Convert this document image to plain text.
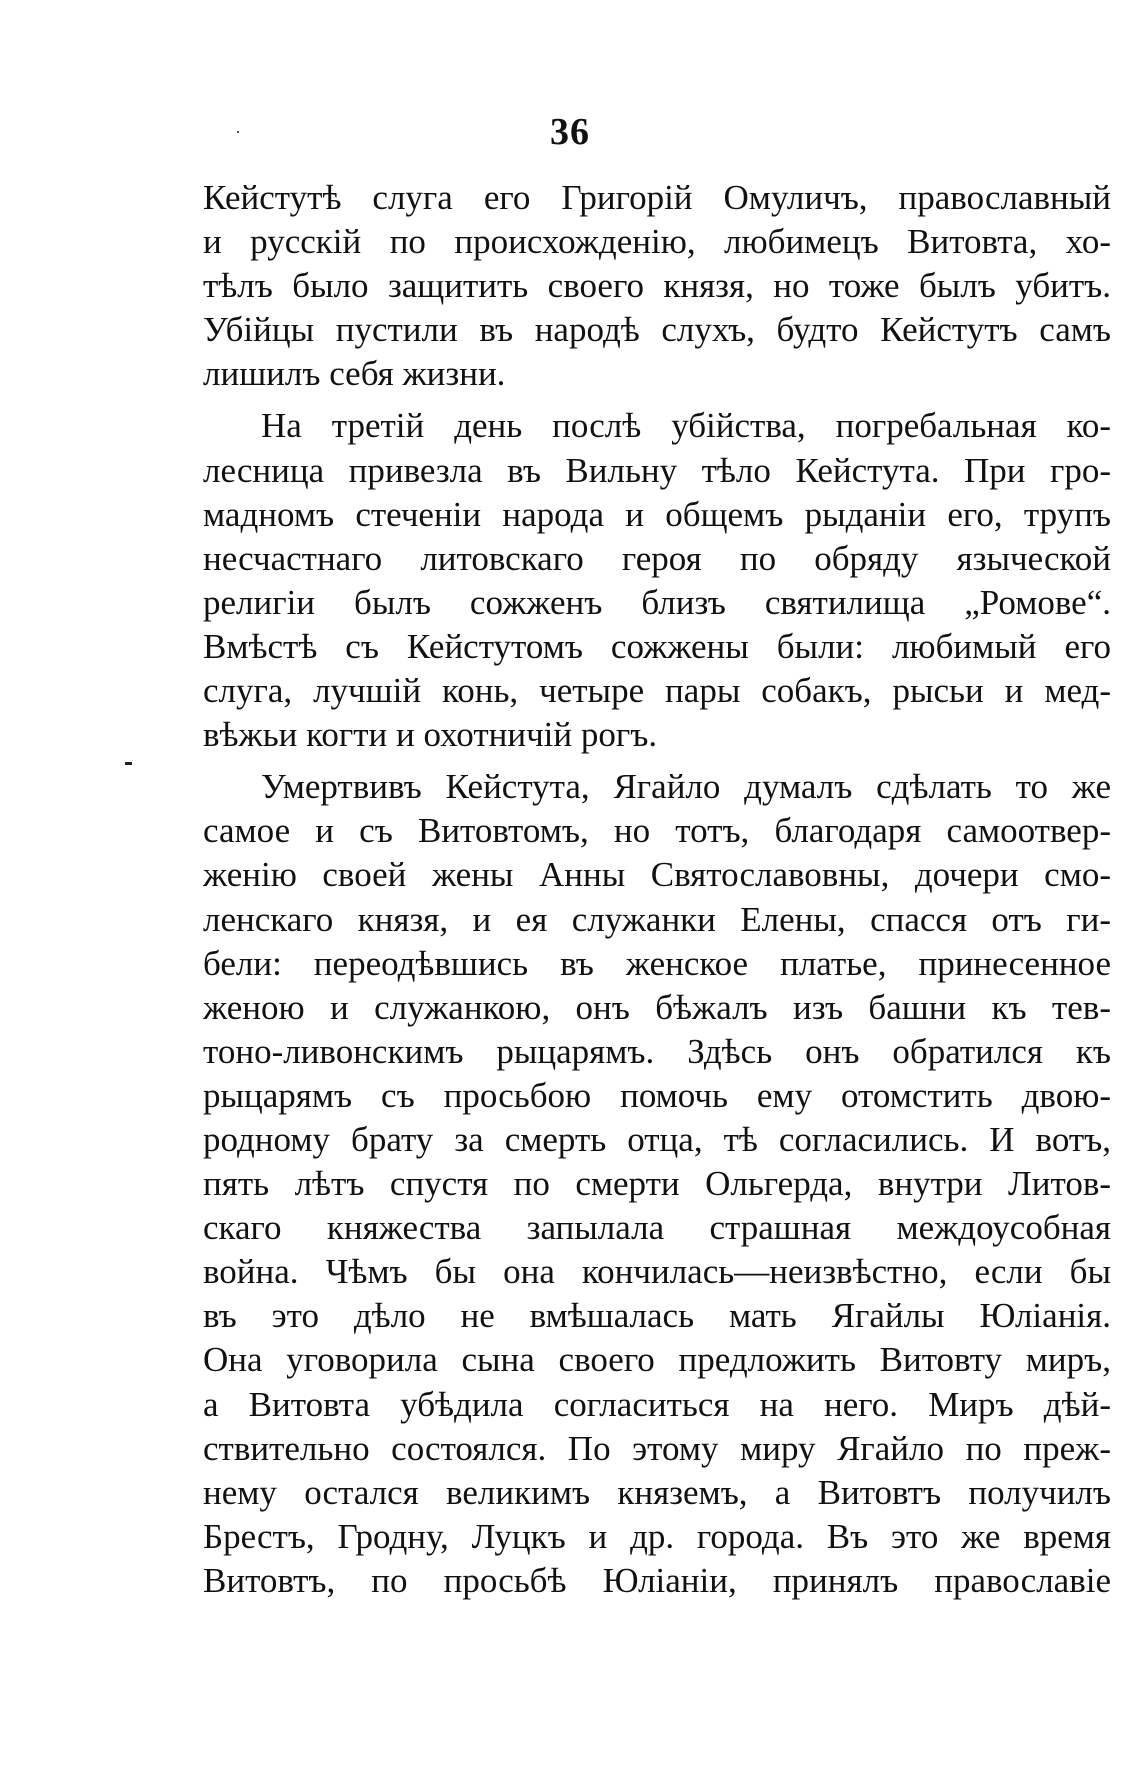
36
Кейстутѣ слуга его Григорій Омуличъ, православный
и русскій по происхожденію, любимецъ Витовта, хо-
тѣлъ было защитить своего князя, но тоже былъ убитъ.
Убійцы пустили въ народѣ слухъ, будто Кейстутъ самъ
лишилъ себя жизни.
На третій день послѣ убійства, погребальная ко-
лесница привезла въ Вильну тѣло Кейстута. При гро-
мадномъ стеченіи народа и общемъ рыданіи его, трупъ
несчастнаго литовскаго героя по обряду языческой
религіи былъ сожженъ близъ святилища „Ромове“.
Вмѣстѣ съ Кейстутомъ сожжены были: любимый его
слуга, лучшій конь, четыре пары собакъ, рысьи и мед-
вѣжьи когти и охотничій рогъ.
Умертвивъ Кейстута, Ягайло думалъ сдѣлать то же
самое и съ Витовтомъ, но тотъ, благодаря самоотвер-
женію своей жены Анны Святославовны, дочери смо-
ленскаго князя, и ея служанки Елены, спасся отъ ги-
бели: переодѣвшись въ женское платье, принесенное
женою и служанкою, онъ бѣжалъ изъ башни къ тев-
тоно-ливонскимъ рыцарямъ. Здѣсь онъ обратился къ
рыцарямъ съ просьбою помочь ему отомстить двою-
родному брату за смерть отца, тѣ согласились. И вотъ,
пять лѣтъ спустя по смерти Ольгерда, внутри Литов-
скаго княжества запылала страшная междоусобная
война. Чѣмъ бы она кончилась—неизвѣстно, если бы
въ это дѣло не вмѣшалась мать Ягайлы Юліанія.
Она уговорила сына своего предложить Витовту миръ,
а Витовта убѣдила согласиться на него. Миръ дѣй-
ствительно состоялся. По этому миру Ягайло по преж-
нему остался великимъ княземъ, а Витовтъ получилъ
Брестъ, Гродну, Луцкъ и др. города. Въ это же время
Витовтъ, по просьбѣ Юліаніи, принялъ православіе
